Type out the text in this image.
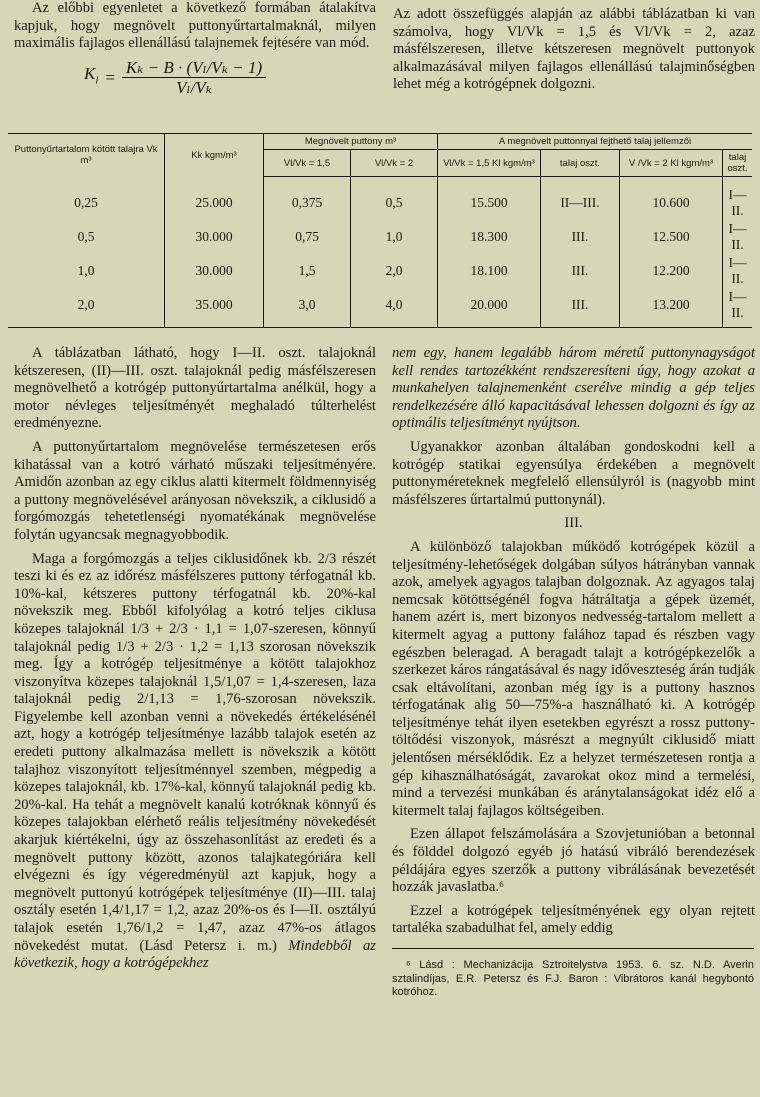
Az előbbi egyenletet a következő formában átalakítva kapjuk, hogy megnövelt puttonyűrtartalmaknál, milyen maximális fajlagos ellenállású talajnemek fejtésére van mód.

$K_l = \frac{\text{Kₖ − B · (Vₗ/Vₖ − 1)}}{\text{Vₗ/Vₖ}}$

Az adott összefüggés alapján az alábbi táblázatban ki van számolva, hogy Vl/Vk = 1,5 és Vl/Vk = 2, azaz másfélszeresen, illetve kétszeresen megnövelt puttonyok alkalmazásával milyen fajlagos ellenállású talajminőségben lehet még a kotrógépnek dolgozni.

Puttonyűrtartalom kötött talajra Vk m³	Kk kgm/m³	Megnövelt puttony m³		A megnövelt puttonnyal fejthető talaj jellemzői			
		Vl/Vk = 1,5	Vl/Vk = 2	Vl/Vk = 1,5 Kl kgm/m³	talaj oszt.	V /Vk = 2 Kl kgm/m³	talaj oszt.
0,25	25.000	0,375	0,5	15.500	II—III.	10.600	I—II.
0,5	30.000	0,75	1,0	18.300	III.	12.500	I—II.
1,0	30.000	1,5	2,0	18.100	III.	12.200	I—II.
2,0	35.000	3,0	4,0	20.000	III.	13.200	I—II.

A táblázatban látható, hogy I—II. oszt. talajoknál kétszeresen, (II)—III. oszt. talajoknál pedig másfélszeresen megnövelhető a kotrógép puttonyűrtartalma anélkül, hogy a motor névleges teljesítményét meghaladó túlterhelést eredményezne.

A puttonyűrtartalom megnövelése természetesen erős kihatással van a kotró várható műszaki teljesítményére. Amidőn azonban az egy ciklus alatti kitermelt földmennyiség a puttony megnövelésével arányosan növekszik, a ciklusidő a forgómozgás tehetetlenségi nyomatékának megnövelése folytán ugyancsak megnagyobbodik.

Maga a forgómozgás a teljes ciklusidőnek kb. 2/3 részét teszi ki és ez az időrész másfélszeres puttony térfogatnál kb. 10%-kal, kétszeres puttony térfogatnál kb. 20%-kal növekszik meg. Ebből kifolyólag a kotró teljes ciklusa közepes talajoknál 1/3 + 2/3 · 1,1 = 1,07-szeresen, könnyű talajoknál pedig 1/3 + 2/3 · 1,2 = 1,13 szorosan növekszik meg. Így a kotrógép teljesítménye a kötött talajokhoz viszonyítva közepes talajoknál 1,5/1,07 = 1,4-szeresen, laza talajoknál pedig 2/1,13 = 1,76-szorosan növekszik. Figyelembe kell azonban venni a növekedés értékelésénél azt, hogy a kotrógép teljesítménye lazább talajok esetén az eredeti puttony alkalmazása mellett is növekszik a kötött talajhoz viszonyított teljesítménnyel szemben, mégpedig a közepes talajoknál, kb. 17%-kal, könnyű talajoknál pedig kb. 20%-kal. Ha tehát a megnövelt kanalú kotróknak könnyű és közepes talajokban elérhető reális teljesítmény növekedését akarjuk kiértékelni, úgy az összehasonlítást az eredeti és a megnövelt puttony között, azonos talajkategóriára kell elvégezni és így végeredményül azt kapjuk, hogy a megnövelt puttonyú kotrógépek teljesítménye (II)—III. talaj osztály esetén 1,4/1,17 = 1,2, azaz 20%-os és I—II. osztályú talajok esetén 1,76/1,2 = 1,47, azaz 47%-os átlagos növekedést mutat. (Lásd Petersz i. m.) Mindebből az következik, hogy a kotrógépekhez

nem egy, hanem legalább három méretű puttonynagyságot kell rendes tartozékként rendszeresíteni úgy, hogy azokat a munkahelyen talajnemenként cserélve mindig a gép teljes rendelkezésére álló kapacitásával lehessen dolgozni és így az optimális teljesítményt nyújtson.

Ugyanakkor azonban általában gondoskodni kell a kotrógép statikai egyensúlya érdekében a megnövelt puttonyméreteknek megfelelő ellensúlyról is (nagyobb mint másfélszeres űrtartalmú puttonynál).

III.

A különböző talajokban működő kotrógépek közül a teljesítmény-lehetőségek dolgában súlyos hátrányban vannak azok, amelyek agyagos talajban dolgoznak. Az agyagos talaj nemcsak kötöttségénél fogva hátráltatja a gépek üzemét, hanem azért is, mert bizonyos nedvesség-tartalom mellett a kitermelt agyag a puttony falához tapad és részben vagy egészben beleragad. A beragadt talajt a kotrógépkezelők a szerkezet káros rángatásával és nagy időveszteség árán tudják csak eltávolítani, azonban még így is a puttony hasznos térfogatának alig 50—75%-a használható ki. A kotrógép teljesítménye tehát ilyen esetekben egyrészt a rossz puttony-töltődési viszonyok, másrészt a megnyúlt ciklusidő miatt jelentősen mérséklődik. Ez a helyzet természetesen rontja a gép kihasználhatóságát, zavarokat okoz mind a termelési, mind a tervezési munkában és aránytalanságokat idéz elő a kitermelt talaj fajlagos költségeiben.

Ezen állapot felszámolására a Szovjetunióban a betonnal és földdel dolgozó egyéb jó hatású vibráló berendezések példájára egyes szerzők a puttony vibrálásának bevezetését hozzák javaslatba.⁶

Ezzel a kotrógépek teljesítményének egy olyan rejtett tartaléka szabadulhat fel, amely eddig

⁶ Lásd : Mechanizácija Sztroitelystva 1953. 6. sz. N.D. Averin sztalindíjas, E.R. Petersz és F.J. Baron : Vibrátoros kanál hegybontó kotróhoz.
